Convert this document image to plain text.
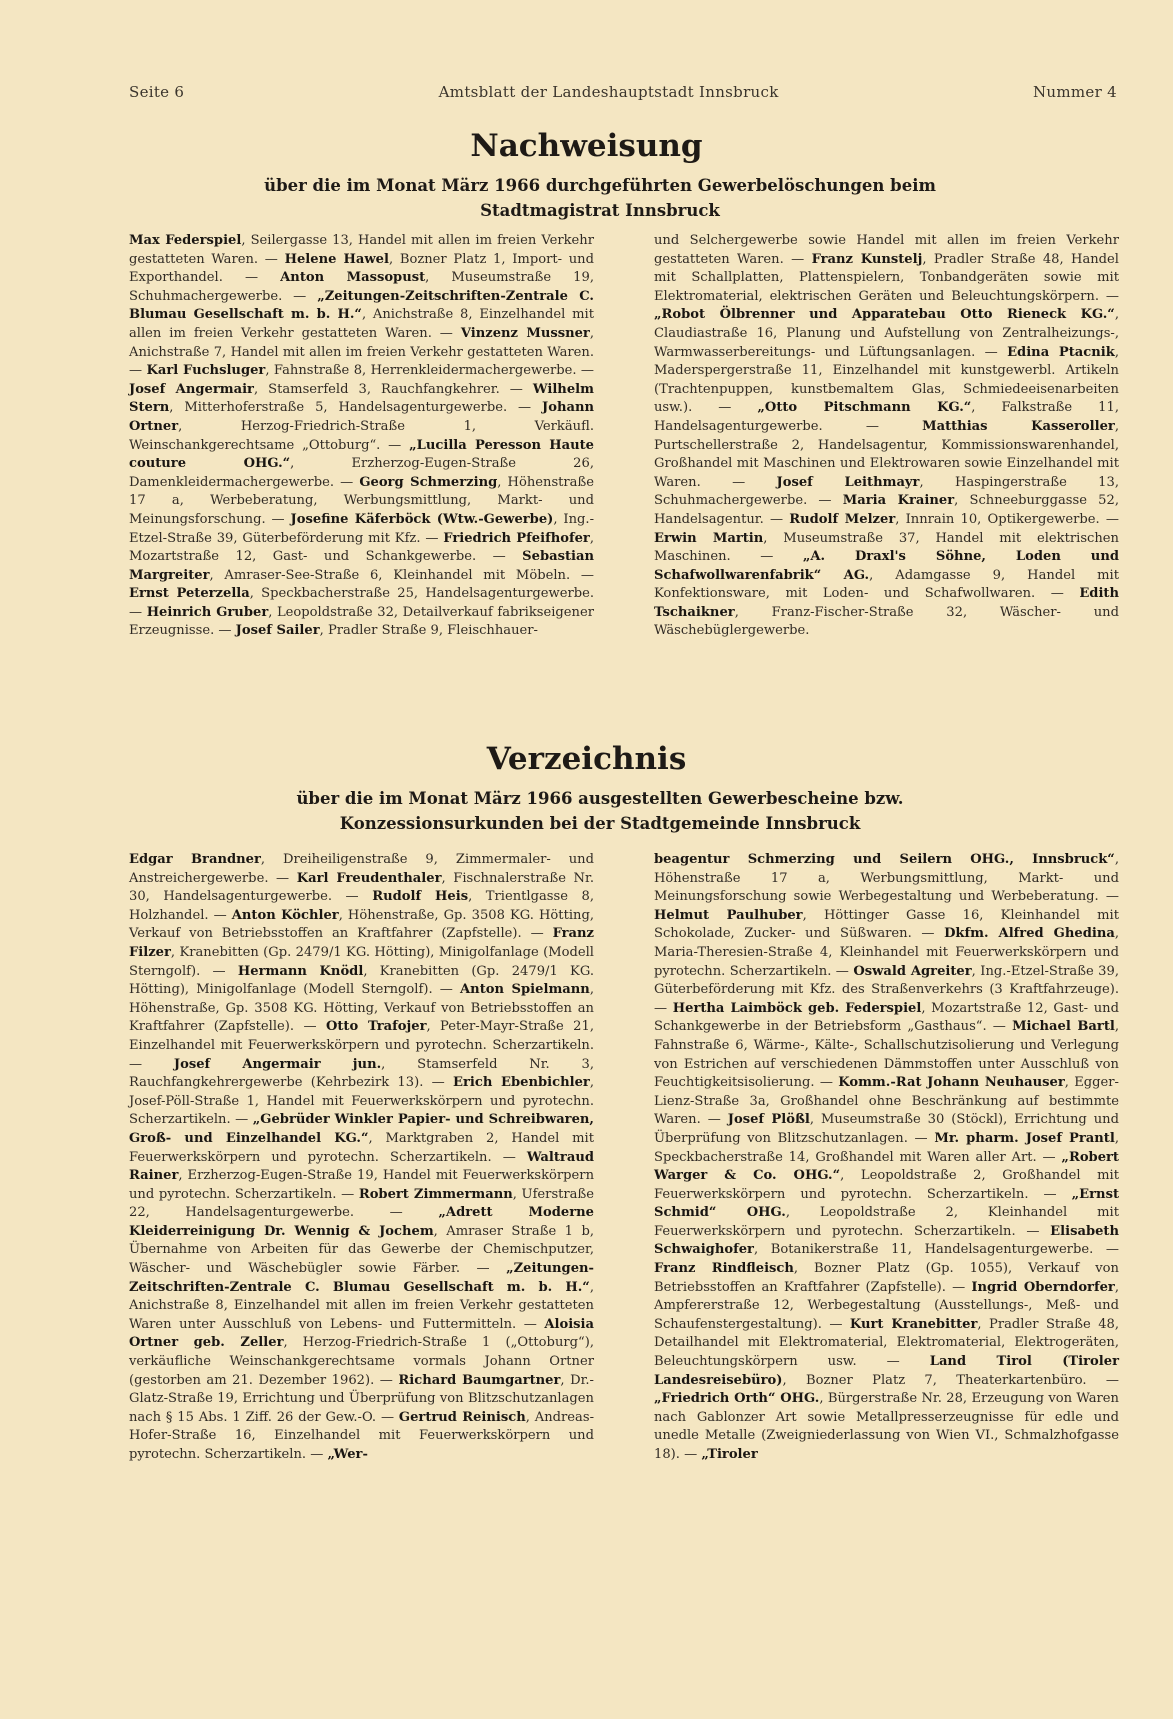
Seite 6	Amtsblatt der Landeshauptstadt Innsbruck	Nummer 4
Nachweisung
über die im Monat März 1966 durchgeführten Gewerbelöschungen beim Stadtmagistrat Innsbruck
Max Federspiel, Seilergasse 13, Handel mit allen im freien Verkehr gestatteten Waren. — Helene Hawel, Bozner Platz 1, Import- und Exporthandel. — Anton Massopust, Museumstraße 19, Schuhmachergewerbe. — „Zeitungen-Zeitschriften-Zentrale C. Blumau Gesellschaft m. b. H.“, Anichstraße 8, Einzelhandel mit allen im freien Verkehr gestatteten Waren. — Vinzenz Mussner, Anichstraße 7, Handel mit allen im freien Verkehr gestatteten Waren. — Karl Fuchsluger, Fahnstraße 8, Herrenkleidermachergewerbe. — Josef Angermair, Stamserfeld 3, Rauchfangkehrer. — Wilhelm Stern, Mitterhoferstraße 5, Handelsagenturgewerbe. — Johann Ortner, Herzog-Friedrich-Straße 1, Verkäufl. Weinschankgerechtsame „Ottoburg“. — „Lucilla Peresson Haute couture OHG.“, Erzherzog-Eugen-Straße 26, Damenkleidermachergewerbe. — Georg Schmerzing, Höhenstraße 17 a, Werbeberatung, Werbungsmittlung, Markt- und Meinungsforschung. — Josefine Käferböck (Wtw.-Gewerbe), Ing.-Etzel-Straße 39, Güterbeförderung mit Kfz. — Friedrich Pfeifhofer, Mozartstraße 12, Gast- und Schankgewerbe. — Sebastian Margreiter, Amraser-See-Straße 6, Kleinhandel mit Möbeln. — Ernst Peterzella, Speckbacherstraße 25, Handelsagenturgewerbe. — Heinrich Gruber, Leopoldstraße 32, Detailverkauf fabrikseigener Erzeugnisse. — Josef Sailer, Pradler Straße 9, Fleischhauer-
und Selchergewerbe sowie Handel mit allen im freien Verkehr gestatteten Waren. — Franz Kunstelj, Pradler Straße 48, Handel mit Schallplatten, Plattenspielern, Tonbandgeräten sowie mit Elektromaterial, elektrischen Geräten und Beleuchtungskörpern. — „Robot Ölbrenner und Apparatebau Otto Rieneck KG.“, Claudiastraße 16, Planung und Aufstellung von Zentralheizungs-, Warmwasserbereitungs- und Lüftungsanlagen. — Edina Ptacnik, Maderspergerstraße 11, Einzelhandel mit kunstgewerbl. Artikeln (Trachtenpuppen, kunstbemaltem Glas, Schmiedeeisenarbeiten usw.). — „Otto Pitschmann KG.“, Falkstraße 11, Handelsagenturgewerbe. — Matthias Kasseroller, Purtschellerstraße 2, Handelsagentur, Kommissionswarenhandel, Großhandel mit Maschinen und Elektrowaren sowie Einzelhandel mit Waren. — Josef Leithmayr, Haspingerstraße 13, Schuhmachergewerbe. — Maria Krainer, Schneeburggasse 52, Handelsagentur. — Rudolf Melzer, Innrain 10, Optikergewerbe. — Erwin Martin, Museumstraße 37, Handel mit elektrischen Maschinen. — „A. Draxl's Söhne, Loden und Schafwollwarenfabrik“ AG., Adamgasse 9, Handel mit Konfektionsware, mit Loden- und Schafwollwaren. — Edith Tschaikner, Franz-Fischer-Straße 32, Wäscher- und Wäschebüglergewerbe.
Verzeichnis
über die im Monat März 1966 ausgestellten Gewerbescheine bzw. Konzessionsurkunden bei der Stadtgemeinde Innsbruck
Edgar Brandner, Dreiheiligenstraße 9, Zimmermaler- und Anstreichergewerbe. — Karl Freudenthaler, Fischnalerstraße Nr. 30, Handelsagenturgewerbe. — Rudolf Heis, Trientlgasse 8, Holzhandel. — Anton Köchler, Höhenstraße, Gp. 3508 KG. Hötting, Verkauf von Betriebsstoffen an Kraftfahrer (Zapfstelle). — Franz Filzer, Kranebitten (Gp. 2479/1 KG. Hötting), Minigolfanlage (Modell Sterngolf). — Hermann Knödl, Kranebitten (Gp. 2479/1 KG. Hötting), Minigolfanlage (Modell Sterngolf). — Anton Spielmann, Höhenstraße, Gp. 3508 KG. Hötting, Verkauf von Betriebsstoffen an Kraftfahrer (Zapfstelle). — Otto Trafojer, Peter-Mayr-Straße 21, Einzelhandel mit Feuerwerkskörpern und pyrotechn. Scherzartikeln. — Josef Angermair jun., Stamserfeld Nr. 3, Rauchfangkehrergewerbe (Kehrbezirk 13). — Erich Ebenbichler, Josef-Pöll-Straße 1, Handel mit Feuerwerkskörpern und pyrotechn. Scherzartikeln. — „Gebrüder Winkler Papier- und Schreibwaren, Groß- und Einzelhandel KG.“, Marktgraben 2, Handel mit Feuerwerkskörpern und pyrotechn. Scherzartikeln. — Waltraud Rainer, Erzherzog-Eugen-Straße 19, Handel mit Feuerwerkskörpern und pyrotechn. Scherzartikeln. — Robert Zimmermann, Uferstraße 22, Handelsagenturgewerbe. — „Adrett Moderne Kleiderreinigung Dr. Wennig & Jochem, Amraser Straße 1 b, Übernahme von Arbeiten für das Gewerbe der Chemischputzer, Wäscher- und Wäschebügler sowie Färber. — „Zeitungen-Zeitschriften-Zentrale C. Blumau Gesellschaft m. b. H.“, Anichstraße 8, Einzelhandel mit allen im freien Verkehr gestatteten Waren unter Ausschluß von Lebens- und Futtermitteln. — Aloisia Ortner geb. Zeller, Herzog-Friedrich-Straße 1 („Ottoburg“), verkäufliche Weinschankgerechtsame vormals Johann Ortner (gestorben am 21. Dezember 1962). — Richard Baumgartner, Dr.-Glatz-Straße 19, Errichtung und Überprüfung von Blitzschutzanlagen nach § 15 Abs. 1 Ziff. 26 der Gew.-O. — Gertrud Reinisch, Andreas-Hofer-Straße 16, Einzelhandel mit Feuerwerkskörpern und pyrotechn. Scherzartikeln. — „Wer-
beagentur Schmerzing und Seilern OHG., Innsbruck“, Höhenstraße 17 a, Werbungsmittlung, Markt- und Meinungsforschung sowie Werbegestaltung und Werbeberatung. — Helmut Paulhuber, Höttinger Gasse 16, Kleinhandel mit Schokolade, Zucker- und Süßwaren. — Dkfm. Alfred Ghedina, Maria-Theresien-Straße 4, Kleinhandel mit Feuerwerkskörpern und pyrotechn. Scherzartikeln. — Oswald Agreiter, Ing.-Etzel-Straße 39, Güterbeförderung mit Kfz. des Straßenverkehrs (3 Kraftfahrzeuge). — Hertha Laimböck geb. Federspiel, Mozartstraße 12, Gast- und Schankgewerbe in der Betriebsform „Gasthaus“. — Michael Bartl, Fahnstraße 6, Wärme-, Kälte-, Schallschutzisolierung und Verlegung von Estrichen auf verschiedenen Dämmstoffen unter Ausschluß von Feuchtigkeitsisolierung. — Komm.-Rat Johann Neuhauser, Egger-Lienz-Straße 3a, Großhandel ohne Beschränkung auf bestimmte Waren. — Josef Plößl, Museumstraße 30 (Stöckl), Errichtung und Überprüfung von Blitzschutzanlagen. — Mr. pharm. Josef Prantl, Speckbacherstraße 14, Großhandel mit Waren aller Art. — „Robert Warger & Co. OHG.“, Leopoldstraße 2, Großhandel mit Feuerwerkskörpern und pyrotechn. Scherzartikeln. — „Ernst Schmid“ OHG., Leopoldstraße 2, Kleinhandel mit Feuerwerkskörpern und pyrotechn. Scherzartikeln. — Elisabeth Schwaighofer, Botanikerstraße 11, Handelsagenturgewerbe. — Franz Rindfleisch, Bozner Platz (Gp. 1055), Verkauf von Betriebsstoffen an Kraftfahrer (Zapfstelle). — Ingrid Oberndorfer, Ampfererstraße 12, Werbegestaltung (Ausstellungs-, Meß- und Schaufenstergestaltung). — Kurt Kranebitter, Pradler Straße 48, Detailhandel mit Elektromaterial, Elektromaterial, Elektrogeräten, Beleuchtungskörpern usw. — Land Tirol (Tiroler Landesreisebüro), Bozner Platz 7, Theaterkartenbüro. — „Friedrich Orth“ OHG., Bürgerstraße Nr. 28, Erzeugung von Waren nach Gablonzer Art sowie Metallpresserzeugnisse für edle und unedle Metalle (Zweigniederlassung von Wien VI., Schmalzhofgasse 18). — „Tiroler
